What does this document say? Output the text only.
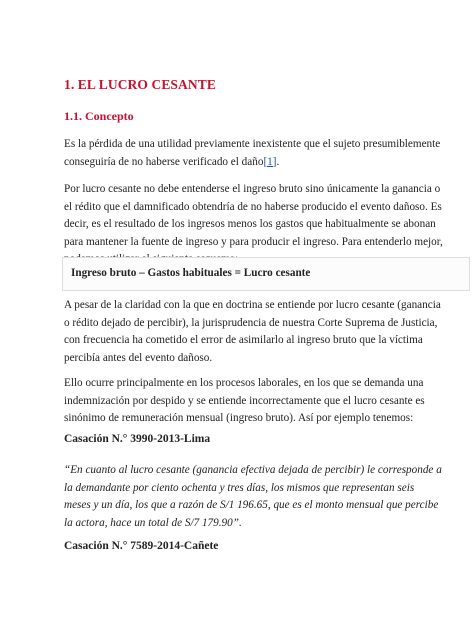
1. EL LUCRO CESANTE
1.1. Concepto

Es la pérdida de una utilidad previamente inexistente que el sujeto presumiblemente
conseguiría de no haberse verificado el daño[1].

Por lucro cesante no debe entenderse el ingreso bruto sino únicamente la ganancia o
el rédito que el damnificado obtendría de no haberse producido el evento dañoso. Es
decir, es el resultado de los ingresos menos los gastos que habitualmente se abonan
para mantener la fuente de ingreso y para producir el ingreso. Para entenderlo mejor,

Ingreso bruto – Gastos habituales = Lucro cesante

A pesar de la claridad con la que en doctrina se entiende por lucro cesante (ganancia
o rédito dejado de percibir), la jurisprudencia de nuestra Corte Suprema de Justicia,
con frecuencia ha cometido el error de asimilarlo al ingreso bruto que la víctima
percibía antes del evento dañoso.

Ello ocurre principalmente en los procesos laborales, en los que se demanda una
indemnización por despido y se entiende incorrectamente que el lucro cesante es
sinónimo de remuneración mensual (ingreso bruto). Así por ejemplo tenemos:

Casación N.° 3990-2013-Lima

“En cuanto al lucro cesante (ganancia efectiva dejada de percibir) le corresponde a
la demandante por ciento ochenta y tres días, los mismos que representan seis
meses y un día, los que a razón de S/1 196.65, que es el monto mensual que percibe
la actora, hace un total de S/7 179.90”.

Casación N.° 7589-2014-Cañete
